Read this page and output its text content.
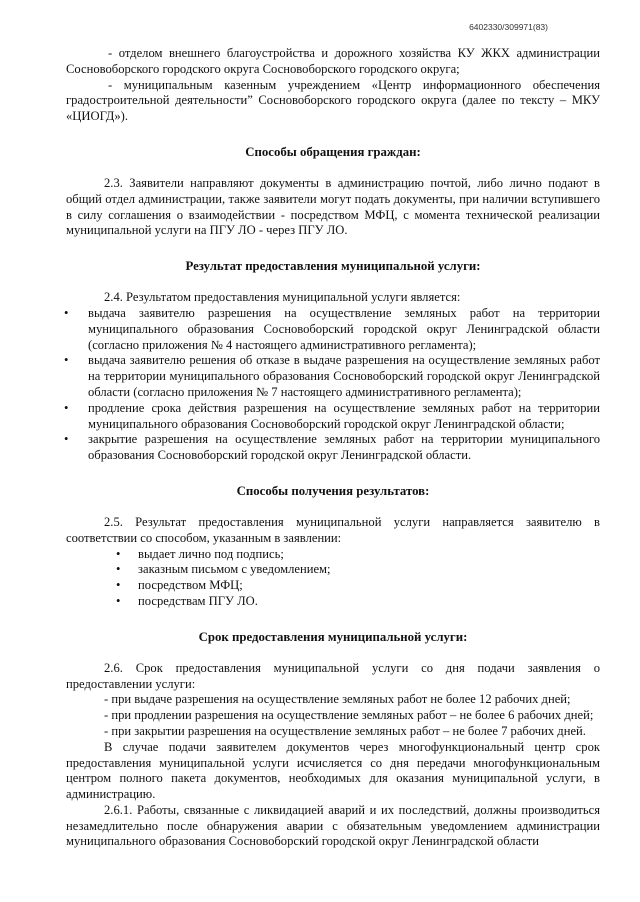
6402330/309971(83)

- отделом внешнего благоустройства и дорожного хозяйства КУ ЖКХ администрации Сосновоборского городского округа Сосновоборского городского округа;

- муниципальным казенным учреждением «Центр информационного обеспечения градостроительной деятельности” Сосновоборского городского округа (далее по тексту – МКУ «ЦИОГД»).

Способы обращения граждан:

2.3. Заявители направляют документы в администрацию почтой, либо лично подают в общий отдел администрации, также заявители могут подать документы, при наличии вступившего в силу соглашения о взаимодействии - посредством МФЦ, с момента технической реализации муниципальной услуги на ПГУ ЛО - через ПГУ ЛО.

Результат предоставления муниципальной услуги:

2.4. Результатом предоставления муниципальной услуги является:

• выдача заявителю разрешения на осуществление земляных работ на территории муниципального образования Сосновоборский городской округ Ленинградской области (согласно приложения № 4 настоящего административного регламента);
• выдача заявителю решения об отказе в выдаче разрешения на осуществление земляных работ на территории муниципального образования Сосновоборский городской округ Ленинградской области (согласно приложения № 7 настоящего административного регламента);
• продление срока действия разрешения на осуществление земляных работ на территории муниципального образования Сосновоборский городской округ Ленинградской области;
• закрытие разрешения на осуществление земляных работ на территории муниципального образования Сосновоборский городской округ Ленинградской области.
Способы получения результатов:

2.5. Результат предоставления муниципальной услуги направляется заявителю в соответствии со способом, указанным в заявлении:

• выдает лично под подпись;
• заказным письмом с уведомлением;
• посредством МФЦ;
• посредствам ПГУ ЛО.
Срок предоставления муниципальной услуги:

2.6. Срок предоставления муниципальной услуги со дня подачи заявления о предоставлении услуги:

- при выдаче разрешения на осуществление земляных работ не более 12 рабочих дней;

- при продлении разрешения на осуществление земляных работ – не более 6 рабочих дней;

- при закрытии разрешения на осуществление земляных работ – не более 7 рабочих дней.

В случае подачи заявителем документов через многофункциональный центр срок предоставления муниципальной услуги исчисляется со дня передачи многофункциональным центром полного пакета документов, необходимых для оказания муниципальной услуги, в администрацию.

2.6.1. Работы, связанные с ликвидацией аварий и их последствий, должны производиться незамедлительно после обнаружения аварии с обязательным уведомлением администрации муниципального образования Сосновоборский городской округ Ленинградской области
